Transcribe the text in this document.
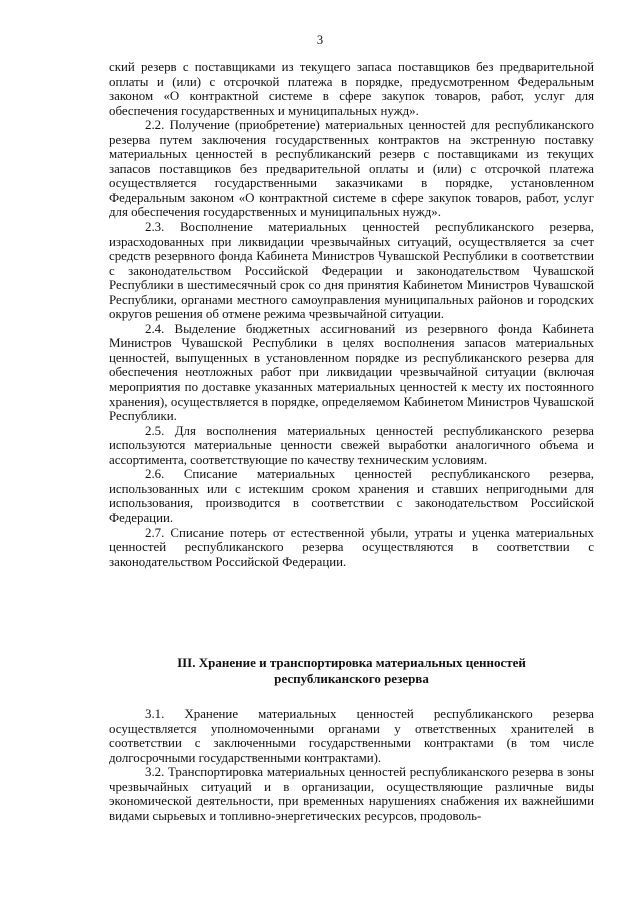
3

ский резерв с поставщиками из текущего запаса поставщиков без предварительной оплаты и (или) с отсрочкой платежа в порядке, предусмотренном Федеральным законом «О контрактной системе в сфере закупок товаров, работ, услуг для обеспечения государственных и муниципальных нужд».

2.2. Получение (приобретение) материальных ценностей для республиканского резерва путем заключения государственных контрактов на экстренную поставку материальных ценностей в республиканский резерв с поставщиками из текущих запасов поставщиков без предварительной оплаты и (или) с отсрочкой платежа осуществляется государственными заказчиками в порядке, установленном Федеральным законом «О контрактной системе в сфере закупок товаров, работ, услуг для обеспечения государственных и муниципальных нужд».

2.3. Восполнение материальных ценностей республиканского резерва, израсходованных при ликвидации чрезвычайных ситуаций, осуществляется за счет средств резервного фонда Кабинета Министров Чувашской Республики в соответствии с законодательством Российской Федерации и законодательством Чувашской Республики в шестимесячный срок со дня принятия Кабинетом Министров Чувашской Республики, органами местного самоуправления муниципальных районов и городских округов решения об отмене режима чрезвычайной ситуации.

2.4. Выделение бюджетных ассигнований из резервного фонда Кабинета Министров Чувашской Республики в целях восполнения запасов материальных ценностей, выпущенных в установленном порядке из республиканского резерва для обеспечения неотложных работ при ликвидации чрезвычайной ситуации (включая мероприятия по доставке указанных материальных ценностей к месту их постоянного хранения), осуществляется в порядке, определяемом Кабинетом Министров Чувашской Республики.

2.5. Для восполнения материальных ценностей республиканского резерва используются материальные ценности свежей выработки аналогичного объема и ассортимента, соответствующие по качеству техническим условиям.

2.6. Списание материальных ценностей республиканского резерва, использованных или с истекшим сроком хранения и ставших непригодными для использования, производится в соответствии с законодательством Российской Федерации.

2.7. Списание потерь от естественной убыли, утраты и уценка материальных ценностей республиканского резерва осуществляются в соответствии с законодательством Российской Федерации.

III. Хранение и транспортировка материальных ценностей
республиканского резерва

3.1. Хранение материальных ценностей республиканского резерва осуществляется уполномоченными органами у ответственных хранителей в соответствии с заключенными государственными контрактами (в том числе долгосрочными государственными контрактами).

3.2. Транспортировка материальных ценностей республиканского резерва в зоны чрезвычайных ситуаций и в организации, осуществляющие различные виды экономической деятельности, при временных нарушениях снабжения их важнейшими видами сырьевых и топливно-энергетических ресурсов, продоволь-
